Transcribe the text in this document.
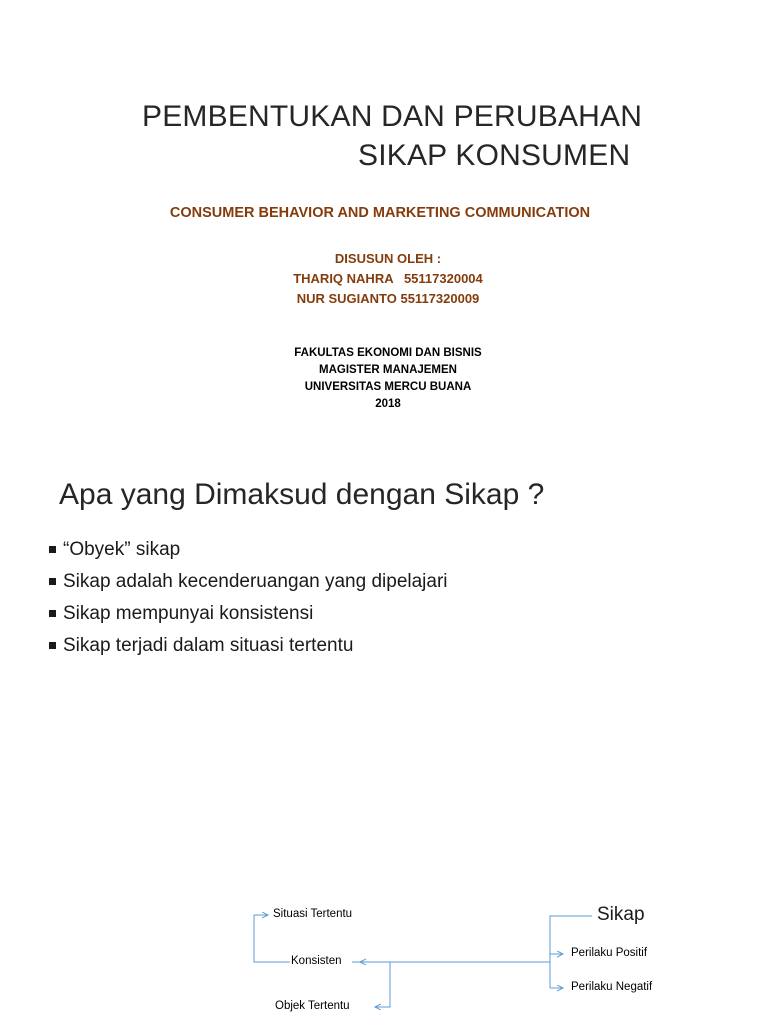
PEMBENTUKAN DAN PERUBAHAN
SIKAP KONSUMEN
CONSUMER BEHAVIOR AND MARKETING COMMUNICATION
DISUSUN OLEH :
THARIQ NAHRA   55117320004
NUR SUGIANTO 55117320009
FAKULTAS EKONOMI DAN BISNIS
MAGISTER MANAJEMEN
UNIVERSITAS MERCU BUANA
2018
Apa yang Dimaksud dengan Sikap ?
“Obyek” sikap
Sikap adalah kecenderuangan yang dipelajari
Sikap mempunyai konsistensi
Sikap terjadi dalam situasi tertentu
Situasi Tertentu
Konsisten
Objek Tertentu
Sikap
Perilaku Positif
Perilaku Negatif
